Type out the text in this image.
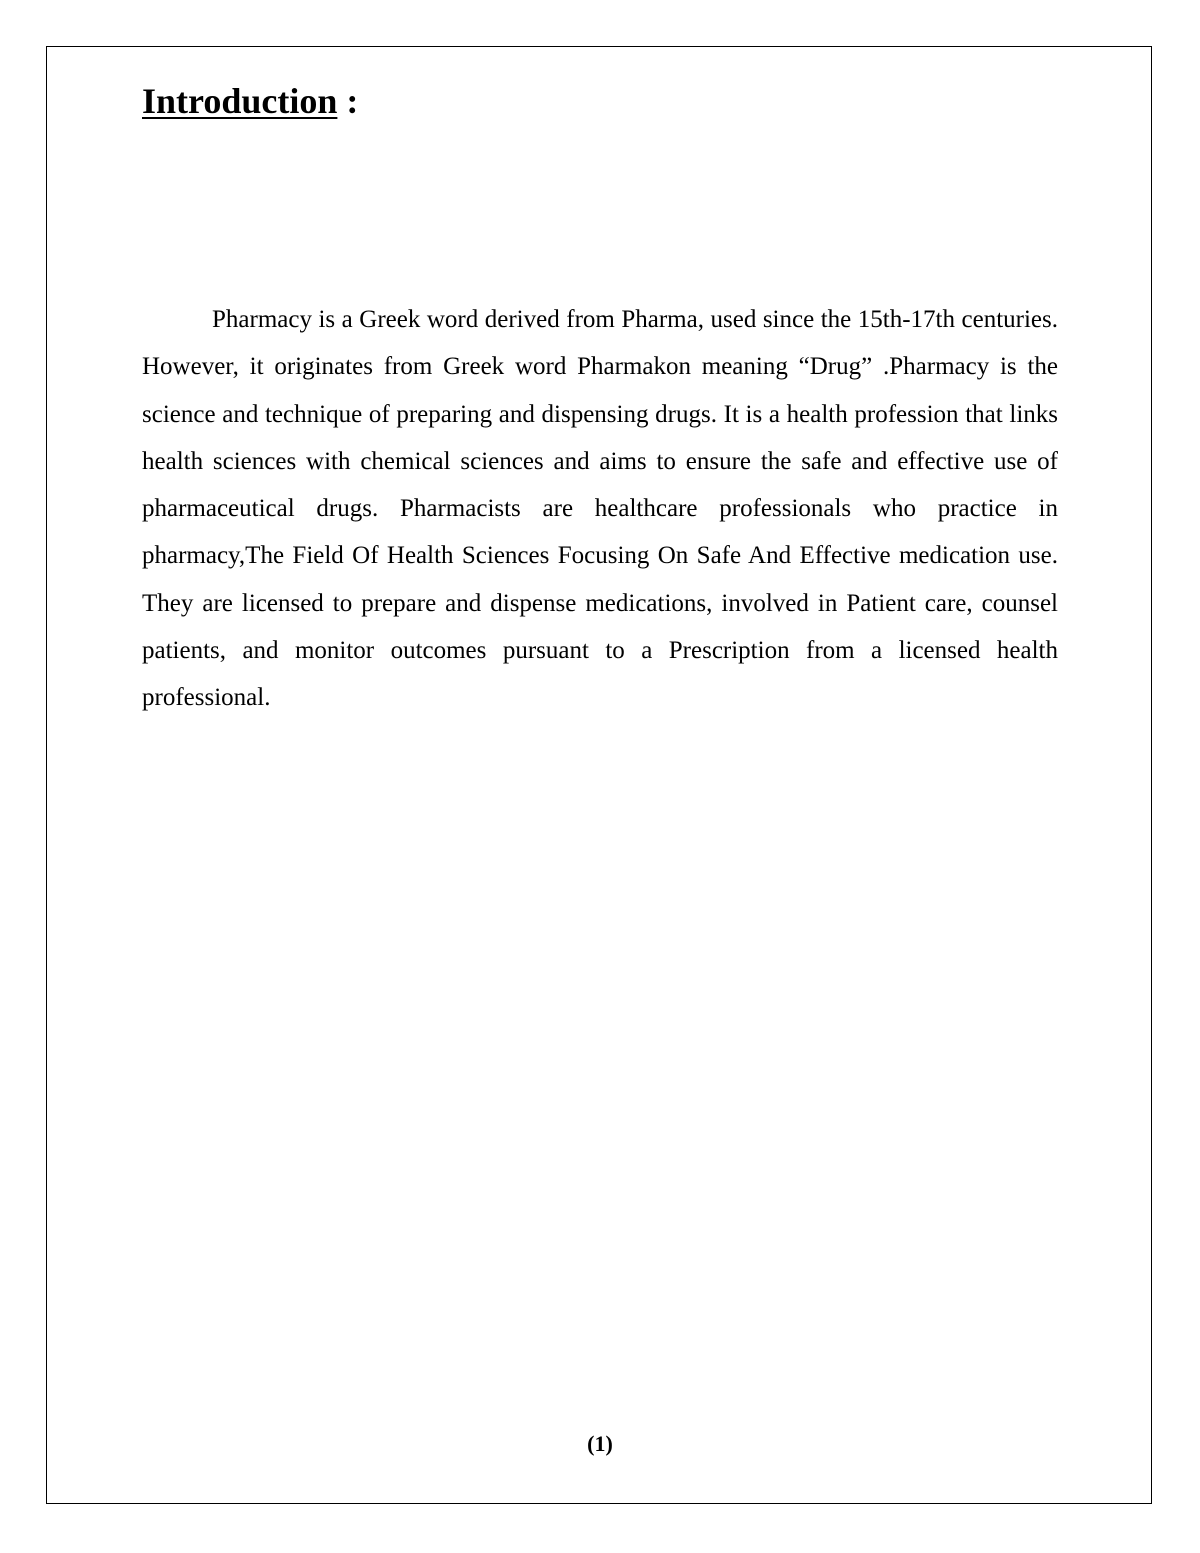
Introduction :

Pharmacy is a Greek word derived from Pharma, used since the 15th-17th centuries. However, it originates from Greek word Pharmakon meaning “Drug” .Pharmacy is the science and technique of preparing and dispensing drugs. It is a health profession that links health sciences with chemical sciences and aims to ensure the safe and effective use of pharmaceutical drugs. Pharmacists are healthcare professionals who practice in pharmacy,The Field Of Health Sciences Focusing On Safe And Effective medication use. They are licensed to prepare and dispense medications, involved in Patient care, counsel patients, and monitor outcomes pursuant to a Prescription from a licensed health professional.

(1)
